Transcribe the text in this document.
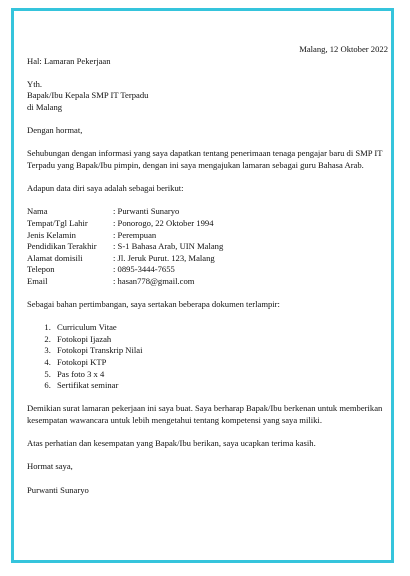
Malang, 12 Oktober 2022

Hal: Lamaran Pekerjaan

Yth.

Bapak/Ibu Kepala SMP IT Terpadu

di Malang

Dengan hormat,

Sehubungan dengan informasi yang saya dapatkan tentang penerimaan tenaga pengajar baru di SMP IT Terpadu yang Bapak/Ibu pimpin, dengan ini saya mengajukan lamaran sebagai guru Bahasa Arab.

Adapun data diri saya adalah sebagai berikut:

Nama	: Purwanti Sunaryo
Tempat/Tgl Lahir	: Ponorogo, 22 Oktober 1994
Jenis Kelamin	: Perempuan
Pendidikan Terakhir	: S-1 Bahasa Arab, UIN Malang
Alamat domisili	: Jl. Jeruk Purut. 123, Malang
Telepon	: 0895-3444-7655
Email	: hasan778@gmail.com

Sebagai bahan pertimbangan, saya sertakan beberapa dokumen terlampir:

1. Curriculum Vitae
2. Fotokopi Ijazah
3. Fotokopi Transkrip Nilai
4. Fotokopi KTP
5. Pas foto 3 x 4
6. Sertifikat seminar

Demikian surat lamaran pekerjaan ini saya buat. Saya berharap Bapak/Ibu berkenan untuk memberikan kesempatan wawancara untuk lebih mengetahui tentang kompetensi yang saya miliki.

Atas perhatian dan kesempatan yang Bapak/Ibu berikan, saya ucapkan terima kasih.

Hormat saya,

Purwanti Sunaryo
